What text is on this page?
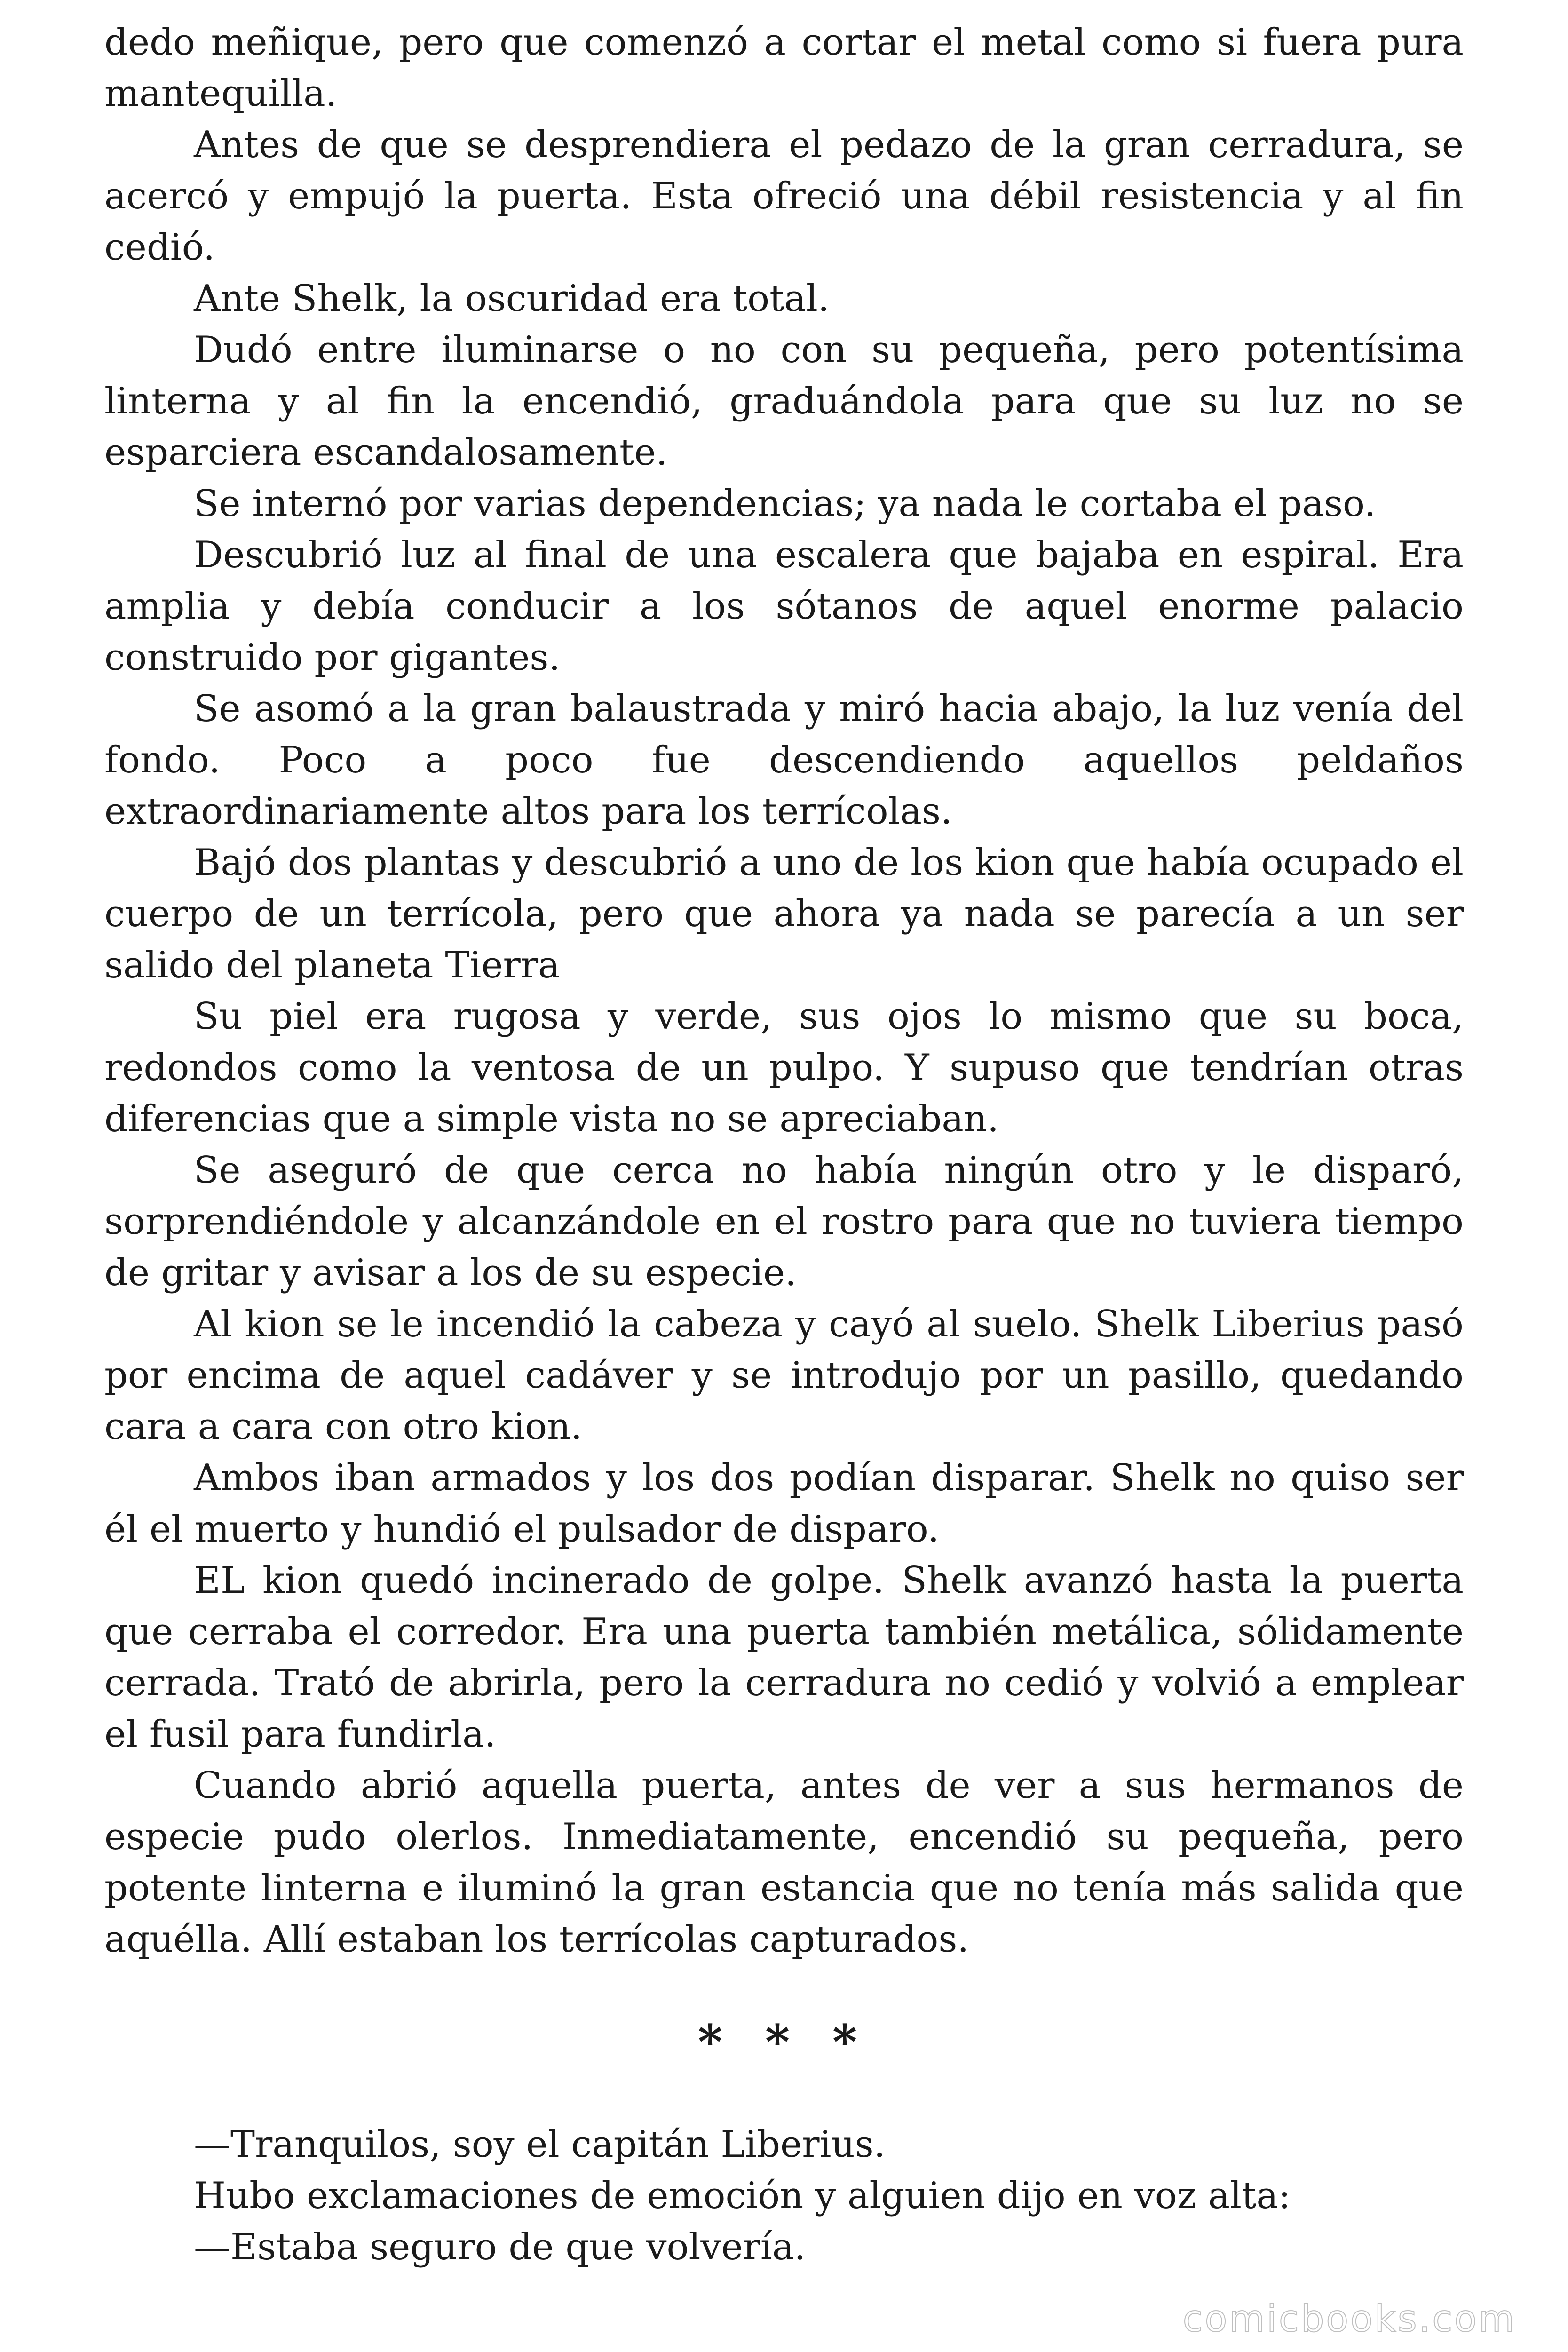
dedo meñique, pero que comenzó a cortar el metal como si fuera pura mantequilla.

Antes de que se desprendiera el pedazo de la gran cerradura, se acercó y empujó la puerta. Esta ofreció una débil resistencia y al fin cedió.

Ante Shelk, la oscuridad era total.

Dudó entre iluminarse o no con su pequeña, pero potentísima linterna y al fin la encendió, graduándola para que su luz no se esparciera escandalosamente.

Se internó por varias dependencias; ya nada le cortaba el paso.

Descubrió luz al final de una escalera que bajaba en espiral. Era amplia y debía conducir a los sótanos de aquel enorme palacio construido por gigantes.

Se asomó a la gran balaustrada y miró hacia abajo, la luz venía del fondo. Poco a poco fue descendiendo aquellos peldaños extraordinariamente altos para los terrícolas.

Bajó dos plantas y descubrió a uno de los kion que había ocupado el cuerpo de un terrícola, pero que ahora ya nada se parecía a un ser salido del planeta Tierra

Su piel era rugosa y verde, sus ojos lo mismo que su boca, redondos como la ventosa de un pulpo. Y supuso que tendrían otras diferencias que a simple vista no se apreciaban.

Se aseguró de que cerca no había ningún otro y le disparó, sorprendiéndole y alcanzándole en el rostro para que no tuviera tiempo de gritar y avisar a los de su especie.

Al kion se le incendió la cabeza y cayó al suelo. Shelk Liberius pasó por encima de aquel cadáver y se introdujo por un pasillo, quedando cara a cara con otro kion.

Ambos iban armados y los dos podían disparar. Shelk no quiso ser él el muerto y hundió el pulsador de disparo.

EL kion quedó incinerado de golpe. Shelk avanzó hasta la puerta que cerraba el corredor. Era una puerta también metálica, sólidamente cerrada. Trató de abrirla, pero la cerradura no cedió y volvió a emplear el fusil para fundirla.

Cuando abrió aquella puerta, antes de ver a sus hermanos de especie pudo olerlos. Inmediatamente, encendió su pequeña, pero potente linterna e iluminó la gran estancia que no tenía más salida que aquélla. Allí estaban los terrícolas capturados.

* * *

—Tranquilos, soy el capitán Liberius.

Hubo exclamaciones de emoción y alguien dijo en voz alta:

—Estaba seguro de que volvería.

comicbooks.com
